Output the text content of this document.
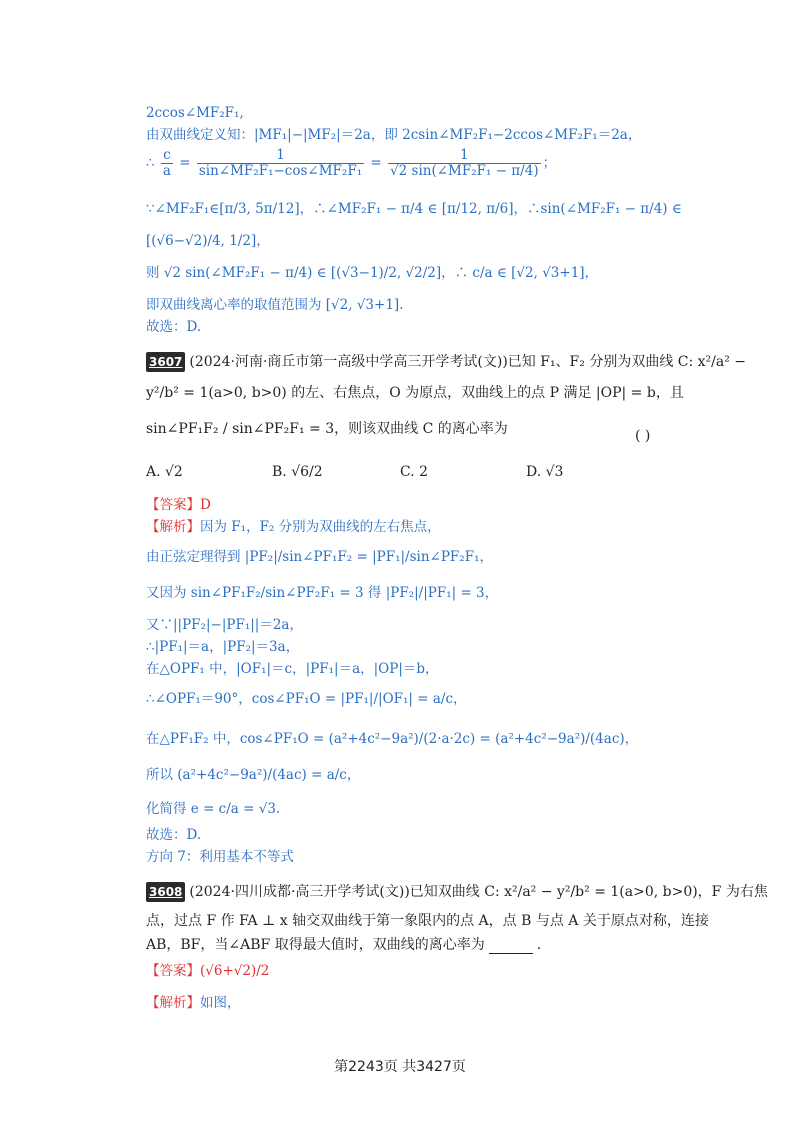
2ccos∠MF₂F₁,
由双曲线定义知：|MF₁|−|MF₂|＝2a，即 2csin∠MF₂F₁−2ccos∠MF₂F₁＝2a，
∴ $\frac{c}{a} = \frac{1}{\text{sin∠MF₂F₁−cos∠MF₂F₁}} = \frac{1}{\text{√2 sin(∠MF₂F₁ − π/4)}}$ ；
∵∠MF₂F₁∈[π/3, 5π/12]，∴∠MF₂F₁ − π/4 ∈ [π/12, π/6]，∴sin(∠MF₂F₁ − π/4) ∈
[(√6−√2)/4, 1/2]，
则 √2 sin(∠MF₂F₁ − π/4) ∈ [(√3−1)/2, √2/2]，∴ c/a ∈ [√2, √3+1]，
即双曲线离心率的取值范围为 [√2, √3+1].
故选：D.
3607 (2024·河南·商丘市第一高级中学高三开学考试(文))已知 F₁、F₂ 分别为双曲线 C: x²/a² −
y²/b² = 1(a>0, b>0) 的左、右焦点，O 为原点，双曲线上的点 P 满足 |OP| = b，且
sin∠PF₁F₂ / sin∠PF₂F₁ = 3，则该双曲线 C 的离心率为	( )
A. √2	B. √6/2	C. 2	D. √3
【答案】D
【解析】因为 F₁，F₂ 分别为双曲线的左右焦点，
由正弦定理得到 |PF₂|/sin∠PF₁F₂ = |PF₁|/sin∠PF₂F₁，
又因为 sin∠PF₁F₂/sin∠PF₂F₁ = 3 得 |PF₂|/|PF₁| = 3，
又∵||PF₂|−|PF₁||＝2a，
∴|PF₁|＝a，|PF₂|＝3a，
在△OPF₁ 中，|OF₁|＝c，|PF₁|＝a，|OP|＝b，
∴∠OPF₁＝90°，cos∠PF₁O = |PF₁|/|OF₁| = a/c，
在△PF₁F₂ 中，cos∠PF₁O = (a²+4c²−9a²)/(2·a·2c) = (a²+4c²−9a²)/(4ac)，
所以 (a²+4c²−9a²)/(4ac) = a/c，
化简得 e = c/a = √3.
故选：D.
方向 7：利用基本不等式
3608 (2024·四川成都·高三开学考试(文))已知双曲线 C: x²/a² − y²/b² = 1(a>0, b>0)，F 为右焦
点，过点 F 作 FA ⊥ x 轴交双曲线于第一象限内的点 A，点 B 与点 A 关于原点对称，连接
AB，BF，当∠ABF 取得最大值时，双曲线的离心率为	.
【答案】(√6+√2)/2
【解析】如图，
第2243页 共3427页
